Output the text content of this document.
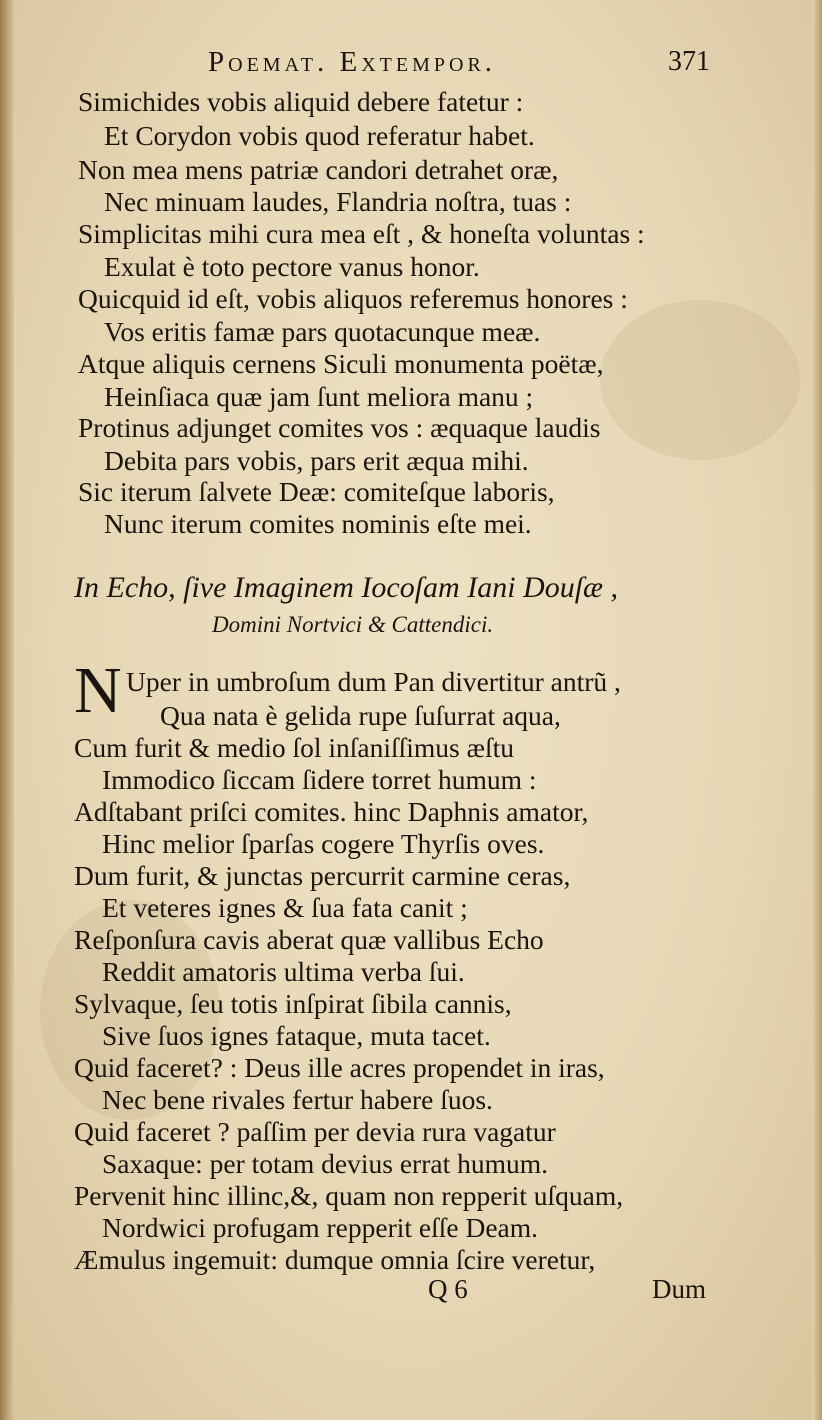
Poemat. Extempor.	371
Simichides vobis aliquid debere fatetur :
Et Corydon vobis quod referatur habet.
Non mea mens patriæ candori detrahet oræ,
Nec minuam laudes, Flandria noſtra, tuas :
Simplicitas mihi cura mea eſt , & honeſta voluntas :
Exulat è toto pectore vanus honor.
Quicquid id eſt, vobis aliquos referemus honores :
Vos eritis famæ pars quotacunque meæ.
Atque aliquis cernens Siculi monumenta poëtæ,
Heinſiaca quæ jam ſunt meliora manu ;
Protinus adjunget comites vos : æquaque laudis
Debita pars vobis, pars erit æqua mihi.
Sic iterum ſalvete Deæ: comiteſque laboris,
Nunc iterum comites nominis eſte mei.
In Echo, ſive Imaginem Iocoſam Iani Douſæ ,
Domini Nortvici & Cattendici.
N Uper in umbroſum dum Pan divertitur antrũ ,
Qua nata è gelida rupe ſuſurrat aqua,
Cum furit & medio ſol inſaniſſimus æſtu
Immodico ſiccam ſidere torret humum :
Adſtabant priſci comites. hinc Daphnis amator,
Hinc melior ſparſas cogere Thyrſis oves.
Dum furit, & junctas percurrit carmine ceras,
Et veteres ignes & ſua fata canit ;
Reſponſura cavis aberat quæ vallibus Echo
Reddit amatoris ultima verba ſui.
Sylvaque, ſeu totis inſpirat ſibila cannis,
Sive ſuos ignes fataque, muta tacet.
Quid faceret? : Deus ille acres propendet in iras,
Nec bene rivales fertur habere ſuos.
Quid faceret ? paſſim per devia rura vagatur
Saxaque: per totam devius errat humum.
Pervenit hinc illinc,&, quam non repperit uſquam,
Nordwici profugam repperit eſſe Deam.
Æmulus ingemuit: dumque omnia ſcire veretur,
Q 6	Dum
